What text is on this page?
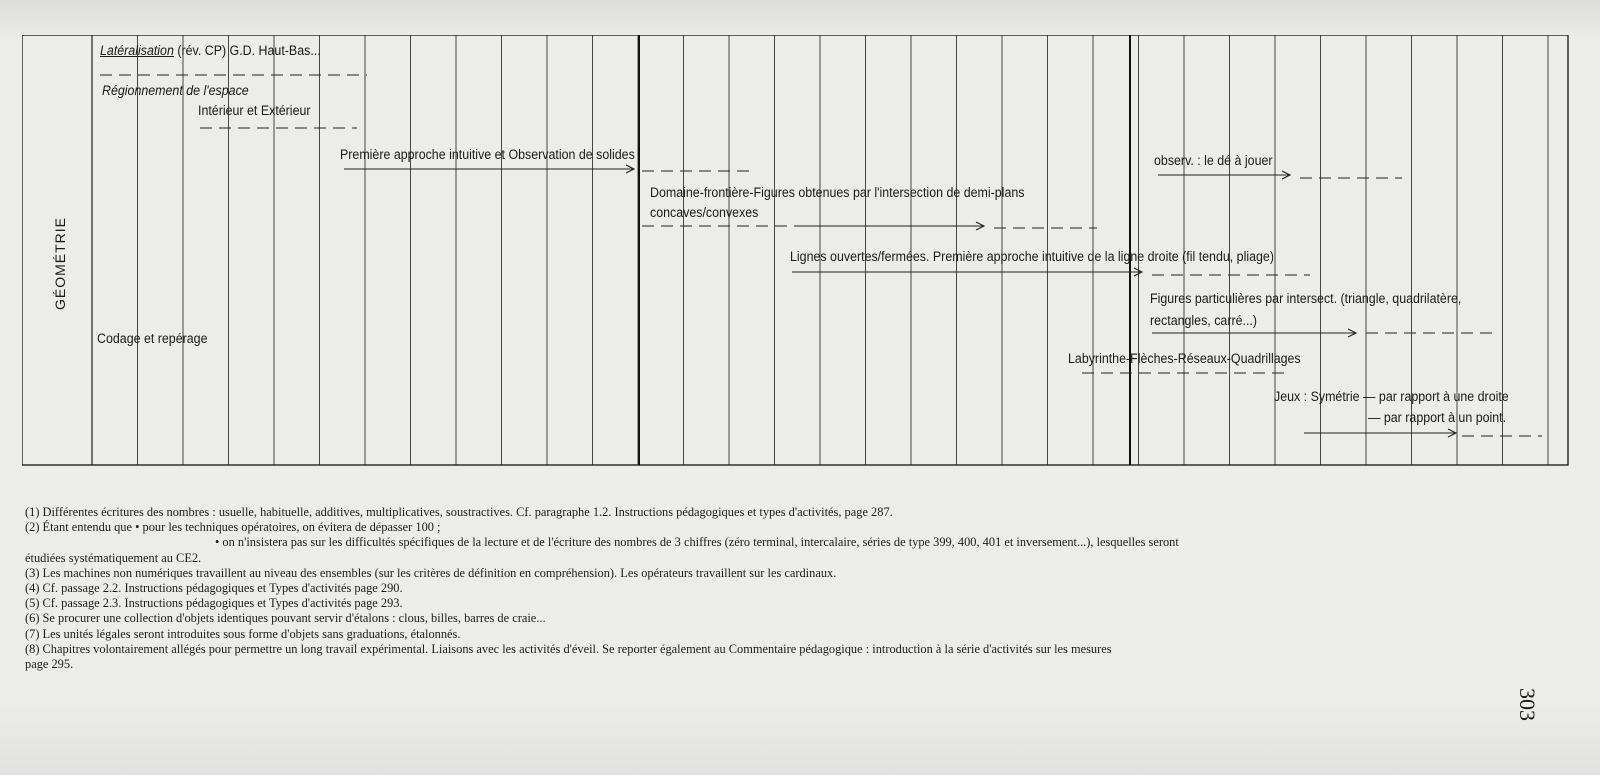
GÉOMÉTRIE
Latéralisation (rév. CP) G.D. Haut-Bas...
Régionnement de l'espace
Intérieur et Extérieur
Première approche intuitive et Observation de solides	observ. : le dé à jouer
Domaine-frontière-Figures obtenues par l'intersection de demi-plans
concaves/convexes
Lignes ouvertes/fermées. Première approche intuitive de la ligne droite (fil tendu, pliage)
Figures particulières par intersect. (triangle, quadrilatère,
rectangles, carré...)
Codage et repérage
Labyrinthe-Flèches-Réseaux-Quadrillages
Jeux : Symétrie — par rapport à une droite
— par rapport à un point.
(1) Différentes écritures des nombres : usuelle, habituelle, additives, multiplicatives, soustractives. Cf. paragraphe 1.2. Instructions pédagogiques et types d'activités, page 287.
(2) Étant entendu que • pour les techniques opératoires, on évitera de dépasser 100 ;
• on n'insistera pas sur les difficultés spécifiques de la lecture et de l'écriture des nombres de 3 chiffres (zéro terminal, intercalaire, séries de type 399, 400, 401 et inversement...), lesquelles seront
étudiées systématiquement au CE2.
(3) Les machines non numériques travaillent au niveau des ensembles (sur les critères de définition en compréhension). Les opérateurs travaillent sur les cardinaux.
(4) Cf. passage 2.2. Instructions pédagogiques et Types d'activités page 290.
(5) Cf. passage 2.3. Instructions pédagogiques et Types d'activités page 293.
(6) Se procurer une collection d'objets identiques pouvant servir d'étalons : clous, billes, barres de craie...
(7) Les unités légales seront introduites sous forme d'objets sans graduations, étalonnés.
(8) Chapitres volontairement allégés pour permettre un long travail expérimental. Liaisons avec les activités d'éveil. Se reporter également au Commentaire pédagogique : introduction à la série d'activités sur les mesures
page 295.
303
